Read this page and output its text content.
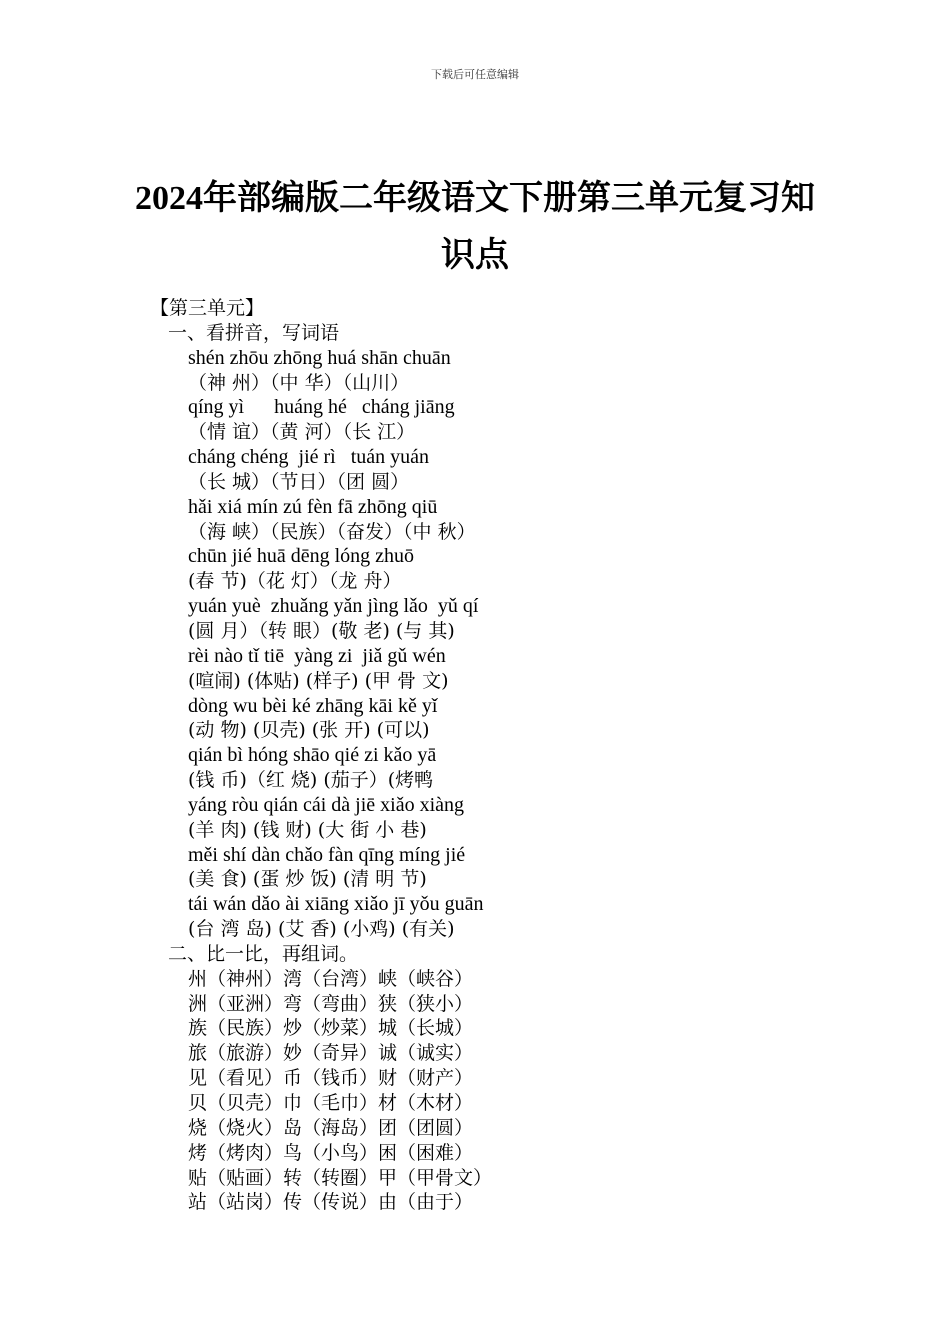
下载后可任意编辑
2024年部编版二年级语文下册第三单元复习知识点
【第三单元】
一、看拼音，写词语
shén zhōu zhōng huá shān chuān
（神 州）（中 华）（山川）
qíng yì      huáng hé   cháng jiāng
（情 谊）（黄 河）（长 江）
cháng chéng  jié rì   tuán yuán
（长 城）（节日）（团 圆）
hǎi xiá mín zú fèn fā zhōng qiū
（海 峡）（民族）（奋发）（中 秋）
chūn jié huā dēng lóng zhuō
(春 节)（花 灯）（龙 舟）
yuán yuè  zhuǎng yǎn jìng lǎo  yǔ qí
(圆 月）（转 眼）(敬 老) (与 其)
rèi nào tǐ tiē  yàng zi  jiǎ gǔ wén
(喧闹) (体贴) (样子) (甲 骨 文)
dòng wu bèi ké zhāng kāi kě yǐ
(动 物) (贝壳) (张 开) (可以)
qián bì hóng shāo qié zi kǎo yā
(钱 币)（红 烧) (茄子）(烤鸭
yáng ròu qián cái dà jiē xiǎo xiàng
(羊 肉) (钱 财) (大 街 小 巷)
měi shí dàn chǎo fàn qīng míng jié
(美 食) (蛋 炒 饭) (清 明 节)
tái wán dǎo ài xiāng xiǎo jī yǒu guān
(台 湾 岛) (艾 香) (小鸡) (有关)
二、比一比，再组词。
州（神州）湾（台湾）峡（峡谷）
洲（亚洲）弯（弯曲）狭（狭小）
族（民族）炒（炒菜）城（长城）
旅（旅游）妙（奇异）诚（诚实）
见（看见）币（钱币）财（财产）
贝（贝壳）巾（毛巾）材（木材）
烧（烧火）岛（海岛）团（团圆）
烤（烤肉）鸟（小鸟）困（困难）
贴（贴画）转（转圈）甲（甲骨文）
站（站岗）传（传说）由（由于）
